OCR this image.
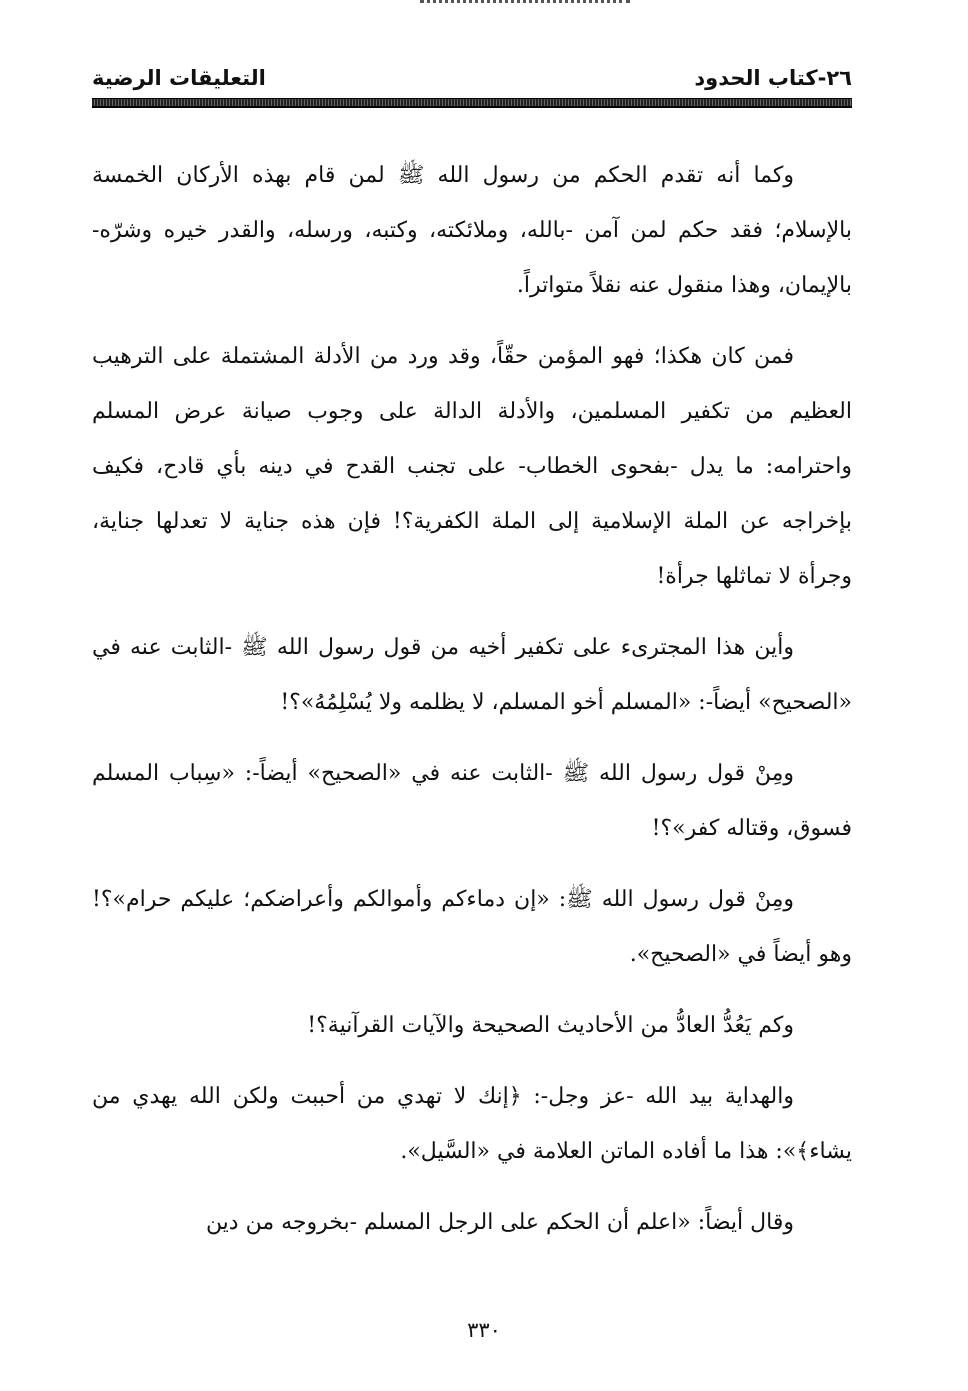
٢٦-كتاب الحدود
التعليقات الرضية

وكما أنه تقدم الحكم من رسول الله ﷺ لمن قام بهذه الأركان الخمسة بالإسلام؛ فقد حكم لمن آمن -بالله، وملائكته، وكتبه، ورسله، والقدر خيره وشرّه- بالإيمان، وهذا منقول عنه نقلاً متواتراً.

فمن كان هكذا؛ فهو المؤمن حقّاً، وقد ورد من الأدلة المشتملة على الترهيب العظيم من تكفير المسلمين، والأدلة الدالة على وجوب صيانة عرض المسلم واحترامه: ما يدل -بفحوى الخطاب- على تجنب القدح في دينه بأي قادح، فكيف بإخراجه عن الملة الإسلامية إلى الملة الكفرية؟! فإن هذه جناية لا تعدلها جناية، وجرأة لا تماثلها جرأة!

وأين هذا المجترىء على تكفير أخيه من قول رسول الله ﷺ -الثابت عنه في «الصحيح» أيضاً-: «المسلم أخو المسلم، لا يظلمه ولا يُسْلِمُهُ»؟!

ومِنْ قول رسول الله ﷺ -الثابت عنه في «الصحيح» أيضاً-: «سِباب المسلم فسوق، وقتاله كفر»؟!

ومِنْ قول رسول الله ﷺ: «إن دماءكم وأموالكم وأعراضكم؛ عليكم حرام»؟! وهو أيضاً في «الصحيح».

وكم يَعُدُّ العادُّ من الأحاديث الصحيحة والآيات القرآنية؟!

والهداية بيد الله -عز وجل-: ﴿إنك لا تهدي من أحببت ولكن الله يهدي من يشاء﴾»: هذا ما أفاده الماتن العلامة في «السَّيل».

وقال أيضاً: «اعلم أن الحكم على الرجل المسلم -بخروجه من دين

٣٣٠
